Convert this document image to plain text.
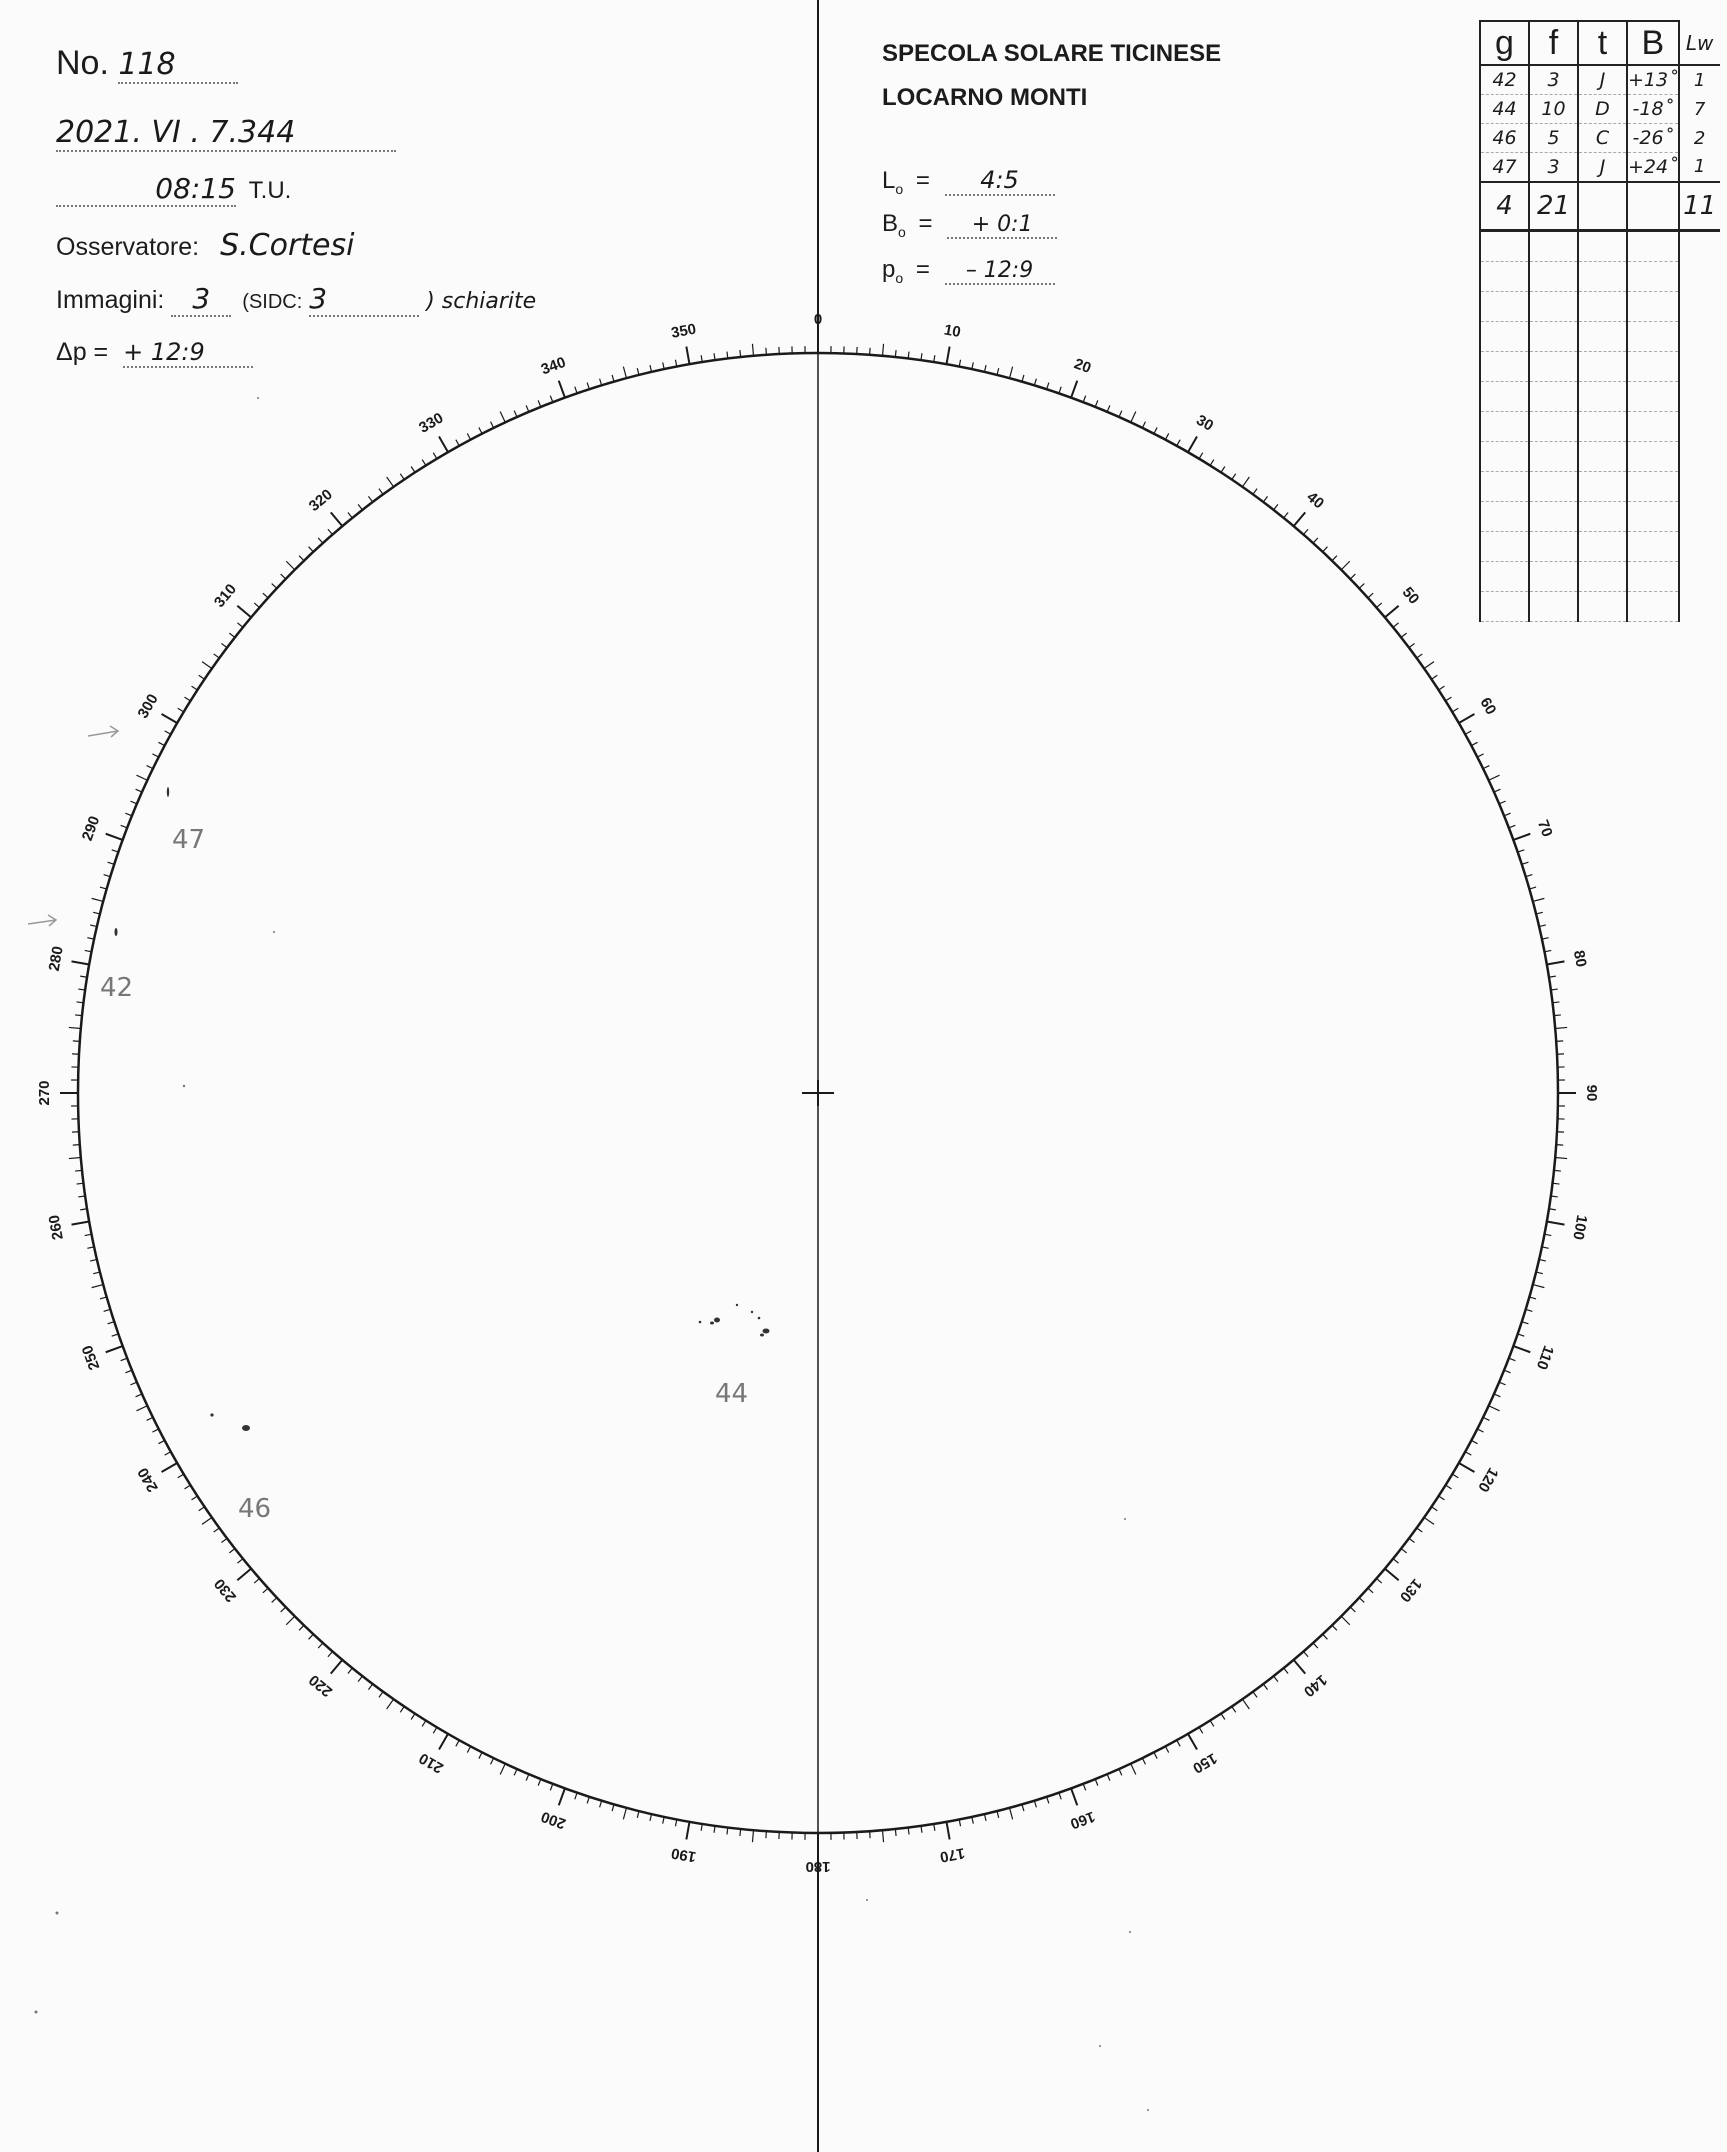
0
10
20
30
40
50
60
70
80
90
100
110
120
130
140
150
160
170
180
190
200
210
220
230
240
250
260
270
280
290
300
310
320
330
340
350
47
42
44
46
No. 118
2021. VI . 7.344
08:15 T.U.
Osservatore: S.Cortesi
Immagini: 3 (SIDC: 3	) schiarite
Δp = + 12:9
SPECOLA SOLARE TICINESE
LOCARNO MONTI
$L_o$ = 4:5
$B_o$ = + 0:1
$p_o$ = – 12:9
g	f	t	B	Lw
42	3	J	+13˚	1
44	10	D	-18˚	7
46	5	C	-26˚	2
47	3	J	+24˚	1
4	21			11
